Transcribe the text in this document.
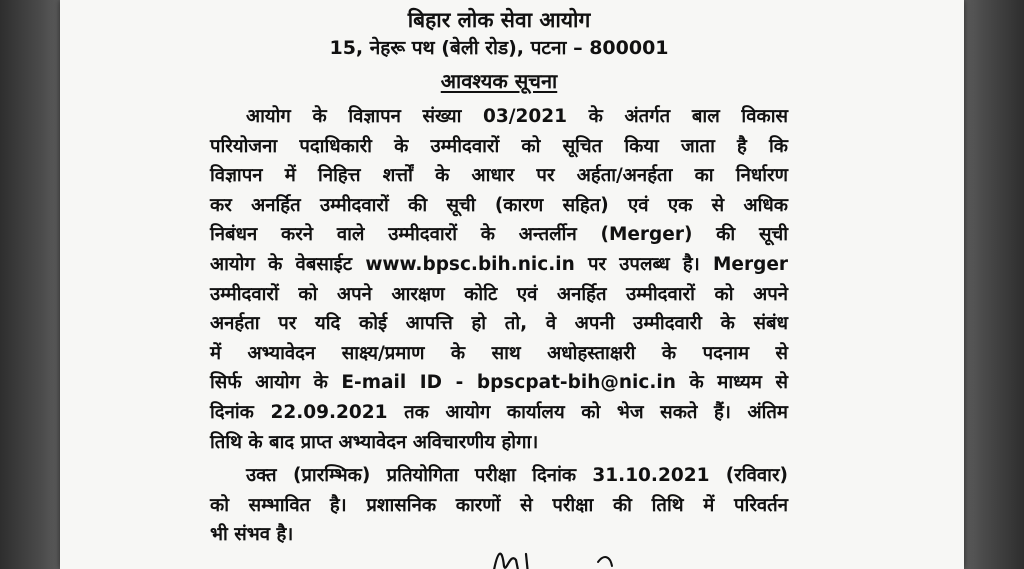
बिहार लोक सेवा आयोग

15, नेहरू पथ (बेली रोड), पटना – 800001

आवश्यक सूचना

आयोग के विज्ञापन संख्या 03/2021 के अंतर्गत बाल विकास
परियोजना पदाधिकारी के उम्मीदवारों को सूचित किया जाता है कि
विज्ञापन में निहित्त शर्त्तों के आधार पर अर्हता/अनर्हता का निर्धारण
कर अनर्हित उम्मीदवारों की सूची (कारण सहित) एवं एक से अधिक
निबंधन करने वाले उम्मीदवारों के अन्तर्लीन (Merger) की सूची
आयोग के वेबसाईट www.bpsc.bih.nic.in पर उपलब्ध है। Merger
उम्मीदवारों को अपने आरक्षण कोटि एवं अनर्हित उम्मीदवारों को अपने
अनर्हता पर यदि कोई आपत्ति हो तो, वे अपनी उम्मीदवारी के संबंध
में अभ्यावेदन साक्ष्य/प्रमाण के साथ अधोहस्ताक्षरी के पदनाम से
सिर्फ आयोग के E-mail ID - bpscpat-bih@nic.in के माध्यम से
दिनांक 22.09.2021 तक आयोग कार्यालय को भेज सकते हैं। अंतिम
तिथि के बाद प्राप्त अभ्यावेदन अविचारणीय होगा।
उक्त (प्रारम्भिक) प्रतियोगिता परीक्षा दिनांक 31.10.2021 (रविवार)
को सम्भावित है। प्रशासनिक कारणों से परीक्षा की तिथि में परिवर्तन
भी संभव है।
